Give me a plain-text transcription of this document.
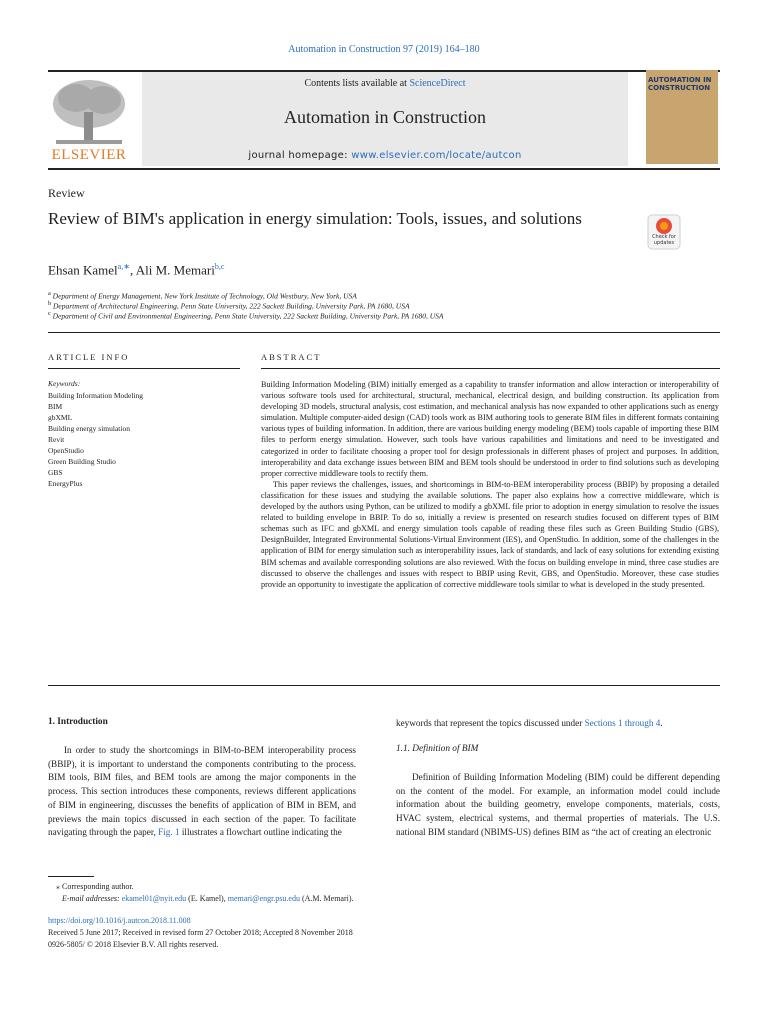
Automation in Construction 97 (2019) 164–180
Contents lists available at ScienceDirect
Automation in Construction
journal homepage: www.elsevier.com/locate/autcon
ELSEVIER
AUTOMATION IN CONSTRUCTION
Review
Review of BIM's application in energy simulation: Tools, issues, and solutions
Check for updates
Ehsan Kamel$^{a,∗}$, Ali M. Memari$^{b,c}$
$^a$ Department of Energy Management, New York Institute of Technology, Old Westbury, New York, USA
$^b$ Department of Architectural Engineering, Penn State University, 222 Sackett Building, University Park, PA 1680, USA
$^c$ Department of Civil and Environmental Engineering, Penn State University, 222 Sackett Building, University Park, PA 1680, USA
ARTICLE INFO	ABSTRACT
Keywords:
Building Information Modeling
BIM
gbXML
Building energy simulation
Revit
OpenStudio
Green Building Studio
GBS
EnergyPlus

Building Information Modeling (BIM) initially emerged as a capability to transfer information and allow interaction or interoperability of various software tools used for architectural, structural, mechanical, electrical design, and building construction. Its application from developing 3D models, structural analysis, cost estimation, and mechanical analysis has now expanded to other applications such as energy simulation. Multiple computer-aided design (CAD) tools work as BIM authoring tools to generate BIM files in different formats containing various types of building information. In addition, there are various building energy modeling (BEM) tools capable of importing these BIM files to perform energy simulation. However, such tools have various capabilities and limitations and need to be investigated and categorized in order to facilitate choosing a proper tool for design professionals in different phases of project and purposes. In addition, interoperability and data exchange issues between BIM and BEM tools should be understood in order to find solutions such as developing proper corrective middleware tools to rectify them.

This paper reviews the challenges, issues, and shortcomings in BIM-to-BEM interoperability process (BBIP) by proposing a detailed classification for these issues and studying the available solutions. The paper also explains how a corrective middleware, which is developed by the authors using Python, can be utilized to modify a gbXML file prior to adoption in energy simulation to resolve the issues related to building envelope in BBIP. To do so, initially a review is presented on research studies focused on different types of BIM schemas such as IFC and gbXML and energy simulation tools capable of reading these files such as Green Building Studio (GBS), DesignBuilder, Integrated Environmental Solutions-Virtual Environment (IES), and OpenStudio. In addition, some of the challenges in the application of BIM for energy simulation such as interoperability issues, lack of standards, and lack of easy solutions for extending existing BIM schemas and available corresponding solutions are also reviewed. With the focus on building envelope in mind, three case studies are discussed to observe the challenges and issues with respect to BBIP using Revit, GBS, and OpenStudio. Moreover, these case studies provide an opportunity to investigate the application of corrective middleware tools similar to what is developed in the study presented.

1. Introduction

In order to study the shortcomings in BIM-to-BEM interoperability process (BBIP), it is important to understand the components contributing to the process. BIM tools, BIM files, and BEM tools are among the major components in the process. This section introduces these components, reviews different applications of BIM in engineering, discusses the benefits of application of BIM in BEM, and previews the main topics discussed in each section of the paper. To facilitate navigating through the paper, Fig. 1 illustrates a flowchart outline indicating the

keywords that represent the topics discussed under Sections 1 through 4.

1.1. Definition of BIM

Definition of Building Information Modeling (BIM) could be different depending on the content of the model. For example, an information model could include information about the building geometry, envelope components, materials, costs, HVAC system, electrical systems, and thermal properties of materials. The U.S. national BIM standard (NBIMS-US) defines BIM as “the act of creating an electronic

⁎ Corresponding author.
E-mail addresses: ekamel01@nyit.edu (E. Kamel), memari@engr.psu.edu (A.M. Memari).
https://doi.org/10.1016/j.autcon.2018.11.008
Received 5 June 2017; Received in revised form 27 October 2018; Accepted 8 November 2018
0926-5805/ © 2018 Elsevier B.V. All rights reserved.
